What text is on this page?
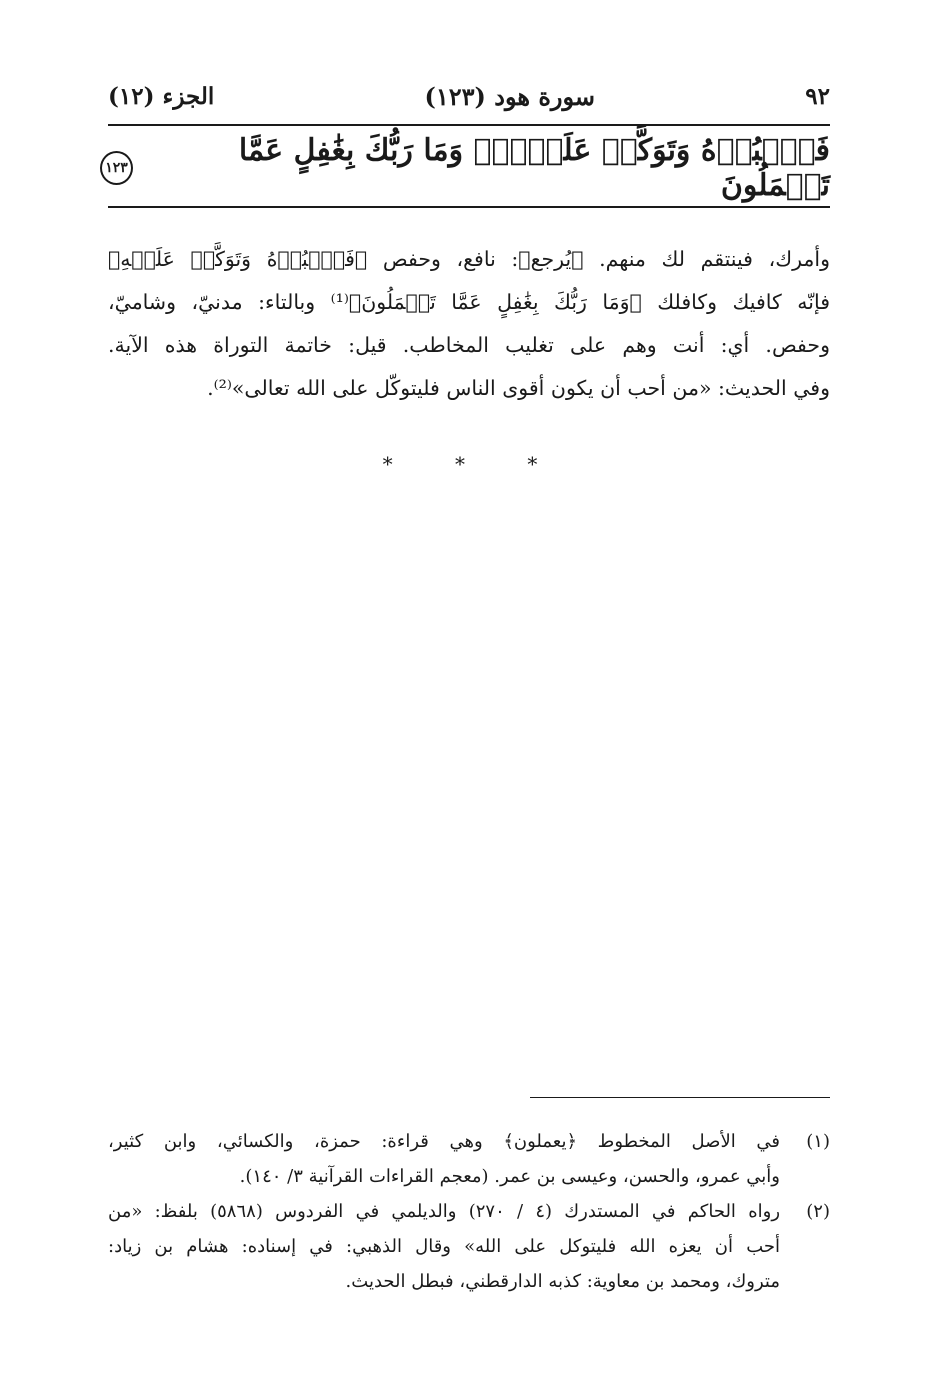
٩٢
سورة هود (١٢٣)
الجزء (١٢)
فَٱعۡبُدۡهُ وَتَوَكَّلۡ عَلَيۡهِۚ وَمَا رَبُّكَ بِغَٰفِلٍ عَمَّا تَعۡمَلُونَ
١٢٣
وأمرك، فينتقم لك منهم. ﴿يُرجع﴾: نافع، وحفص ﴿فَٱعۡبُدۡهُ وَتَوَكَّلۡ عَلَيۡهِ﴾
فإنّه كافيك وكافلك ﴿وَمَا رَبُّكَ بِغَٰفِلٍ عَمَّا تَعۡمَلُونَ﴾⁽¹⁾ وبالتاء: مدنيّ، وشاميّ،
وحفص. أي: أنت وهم على تغليب المخاطب. قيل: خاتمة التوراة هذه الآية.
وفي الحديث: «من أحب أن يكون أقوى الناس فليتوكّل على الله تعالى»⁽²⁾.
* * *
(١)
في الأصل المخطوط ﴿يعملون﴾ وهي قراءة: حمزة، والكسائي، وابن كثير،
وأبي عمرو، والحسن، وعيسى بن عمر. (معجم القراءات القرآنية ٣/ ١٤٠).
(٢)
رواه الحاكم في المستدرك (٤ / ٢٧٠) والديلمي في الفردوس (٥٨٦٨) بلفظ: «من
أحب أن يعزه الله فليتوكل على الله» وقال الذهبي: في إسناده: هشام بن زياد:
متروك، ومحمد بن معاوية: كذبه الدارقطني، فبطل الحديث.
